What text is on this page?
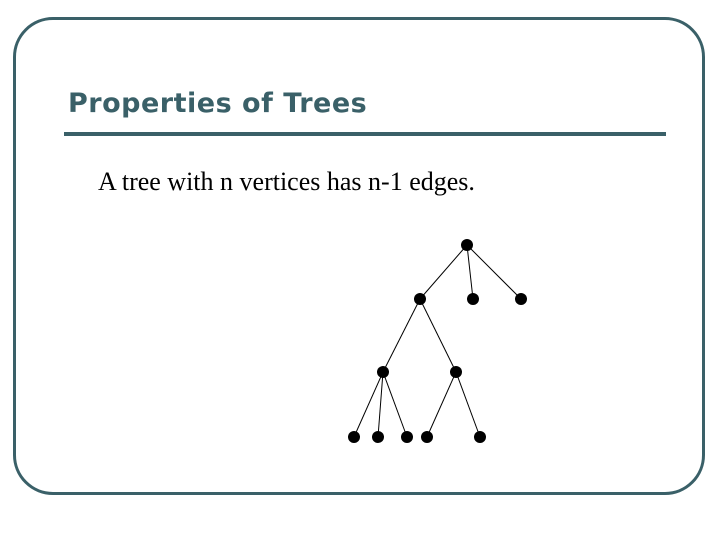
Properties of Trees

A tree with n vertices has n-1 edges.
